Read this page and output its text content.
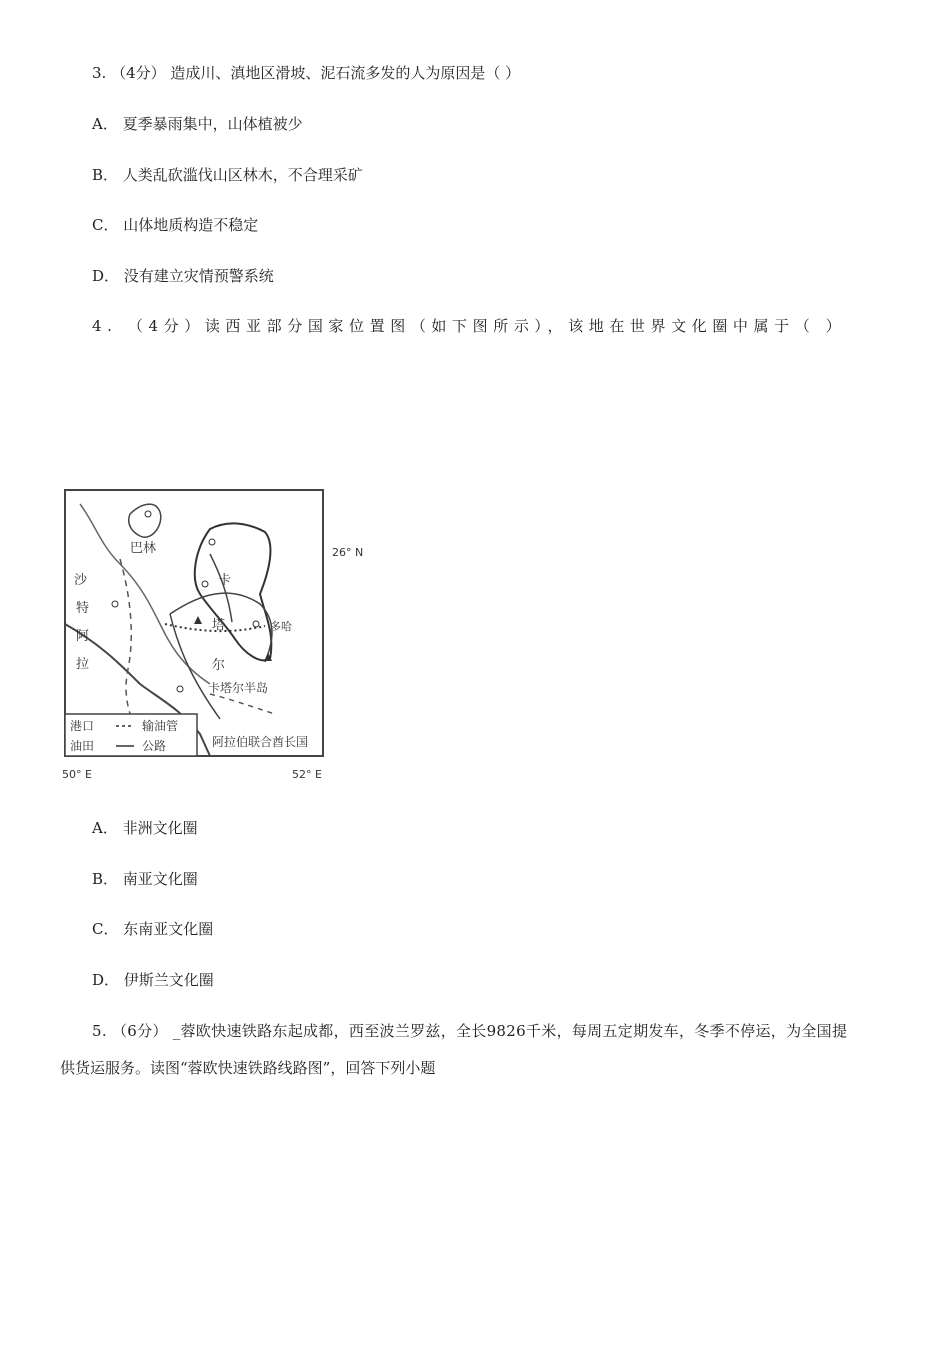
3. （4分） 造成川、滇地区滑坡、泥石流多发的人为原因是（ ）
A． 夏季暴雨集中，山体植被少
B． 人类乱砍滥伐山区林木，不合理采矿
C． 山体地质构造不稳定
D． 没有建立灾情预警系统
4. （4分）读西亚部分国家位置图（如下图所示），该地在世界文化圈中属于（ ）
巴林
沙
特
阿
拉
卡
塔
尔
多哈
卡塔尔半岛
阿拉伯联合酋长国
26° N
50° E	52° E
港口
油田
输油管
公路
A． 非洲文化圈
B． 南亚文化圈
C． 东南亚文化圈
D． 伊斯兰文化圈
5. （6分） _蓉欧快速铁路东起成都，西至波兰罗兹，全长9826千米，每周五定期发车，冬季不停运，为全国提
供货运服务。读图“蓉欧快速铁路线路图”，回答下列小题
